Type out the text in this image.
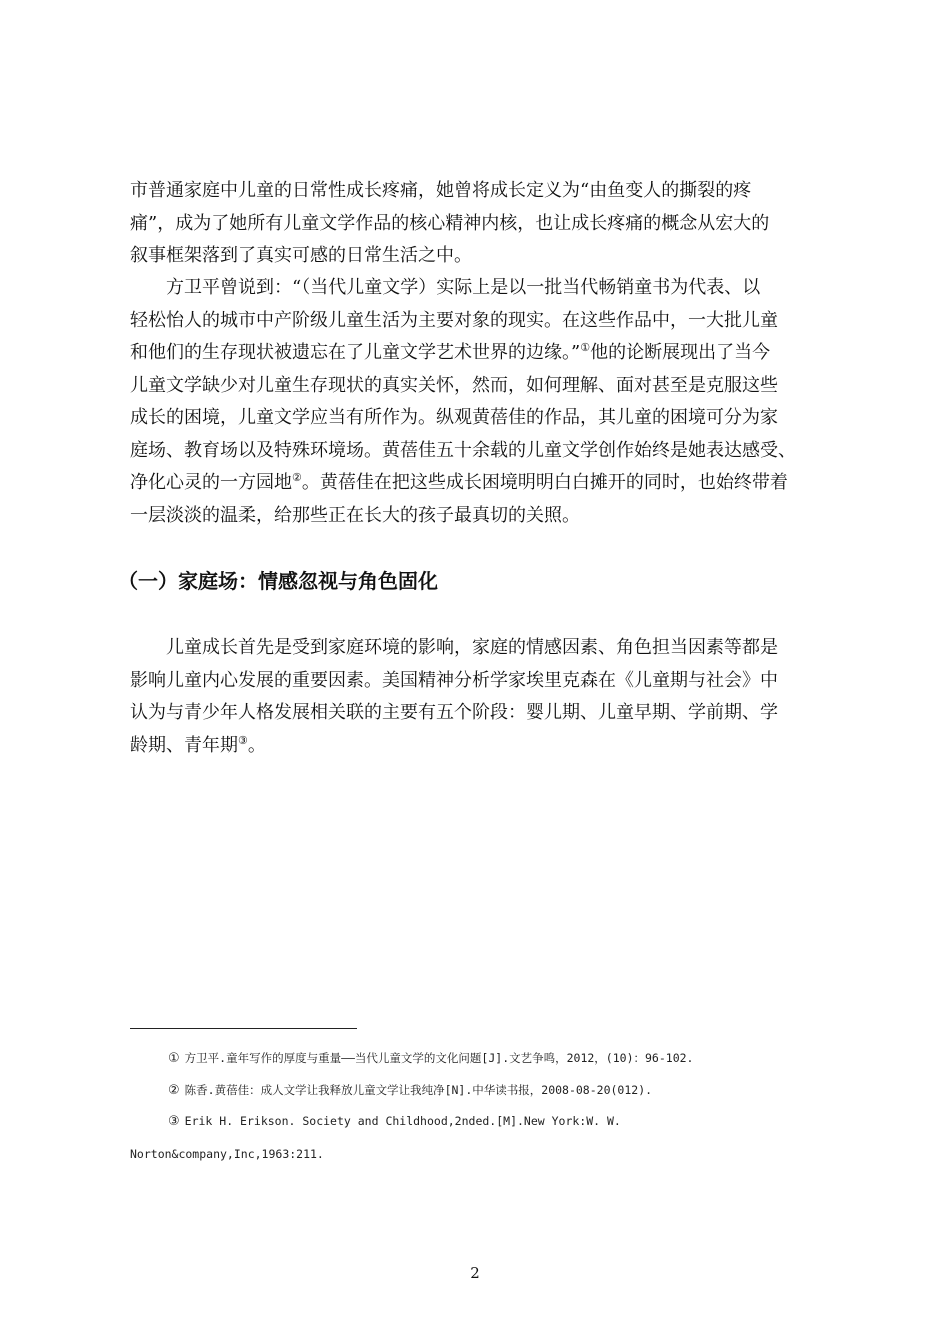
市普通家庭中儿童的日常性成长疼痛，她曾将成长定义为“由鱼变人的撕裂的疼
痛”，成为了她所有儿童文学作品的核心精神内核，也让成长疼痛的概念从宏大的
叙事框架落到了真实可感的日常生活之中。
方卫平曾说到：“（当代儿童文学）实际上是以一批当代畅销童书为代表、以
轻松怡人的城市中产阶级儿童生活为主要对象的现实。在这些作品中，一大批儿童
和他们的生存现状被遗忘在了儿童文学艺术世界的边缘。”①他的论断展现出了当今
儿童文学缺少对儿童生存现状的真实关怀，然而，如何理解、面对甚至是克服这些
成长的困境，儿童文学应当有所作为。纵观黄蓓佳的作品，其儿童的困境可分为家
庭场、教育场以及特殊环境场。黄蓓佳五十余载的儿童文学创作始终是她表达感受、
净化心灵的一方园地②。黄蓓佳在把这些成长困境明明白白摊开的同时，也始终带着
一层淡淡的温柔，给那些正在长大的孩子最真切的关照。
（一）家庭场：情感忽视与角色固化
儿童成长首先是受到家庭环境的影响，家庭的情感因素、角色担当因素等都是
影响儿童内心发展的重要因素。美国精神分析学家埃里克森在《儿童期与社会》中
认为与青少年人格发展相关联的主要有五个阶段：婴儿期、儿童早期、学前期、学
龄期、青年期③。

① 方卫平.童年写作的厚度与重量——当代儿童文学的文化问题[J].文艺争鸣，2012，(10)：96-102.

② 陈香.黄蓓佳：成人文学让我释放儿童文学让我纯净[N].中华读书报，2008-08-20(012).

③ Erik H. Erikson. Society and Childhood,2nded.[M].New York:W. W.

Norton&company,Inc,1963:211.

2
